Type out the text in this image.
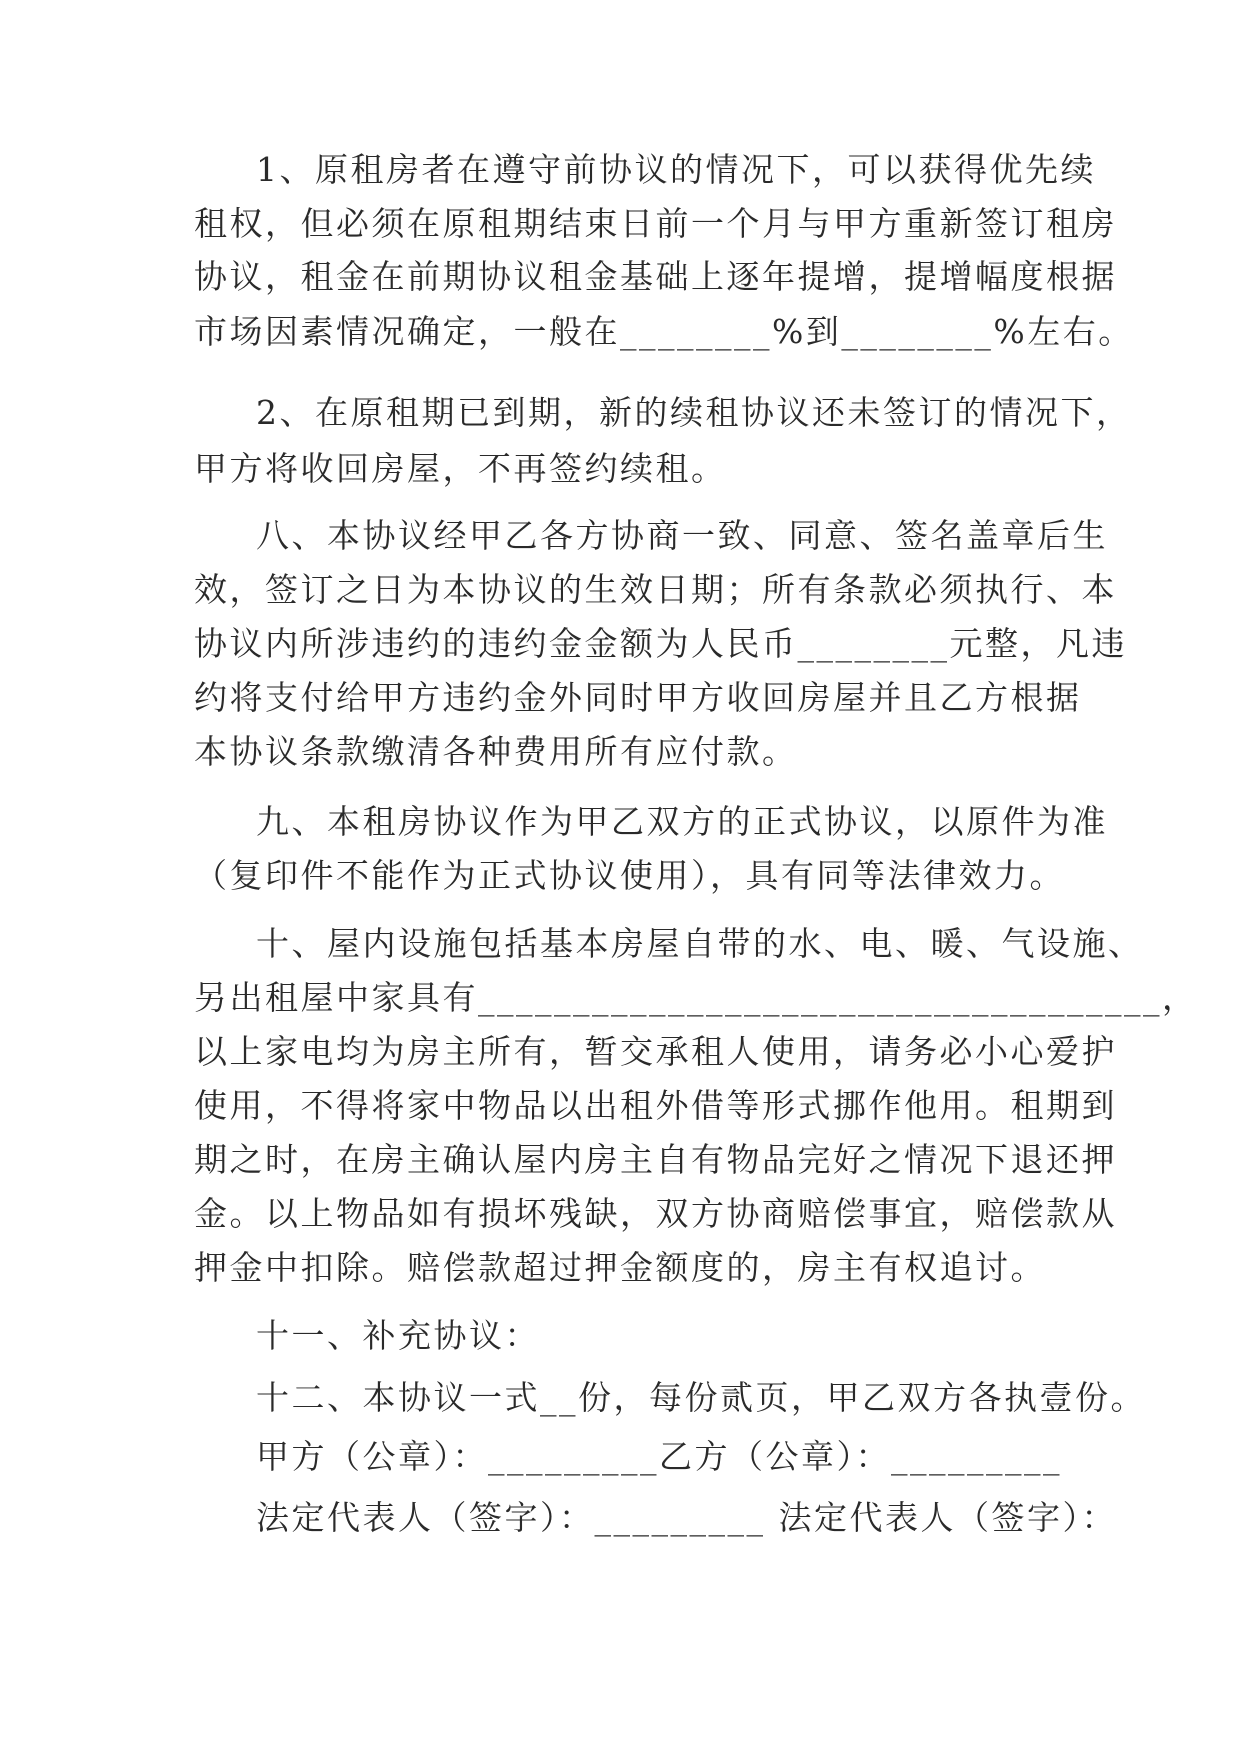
1、原租房者在遵守前协议的情况下，可以获得优先续
租权，但必须在原租期结束日前一个月与甲方重新签订租房
协议，租金在前期协议租金基础上逐年提增，提增幅度根据
市场因素情况确定，一般在________%到________%左右。
2、在原租期已到期，新的续租协议还未签订的情况下，
甲方将收回房屋，不再签约续租。
八、本协议经甲乙各方协商一致、同意、签名盖章后生
效，签订之日为本协议的生效日期；所有条款必须执行、本
协议内所涉违约的违约金金额为人民币________元整，凡违
约将支付给甲方违约金外同时甲方收回房屋并且乙方根据
本协议条款缴清各种费用所有应付款。
九、本租房协议作为甲乙双方的正式协议，以原件为准
（复印件不能作为正式协议使用），具有同等法律效力。
十、屋内设施包括基本房屋自带的水、电、暖、气设施、
另出租屋中家具有____________________________________，
以上家电均为房主所有，暂交承租人使用，请务必小心爱护
使用，不得将家中物品以出租外借等形式挪作他用。租期到
期之时，在房主确认屋内房主自有物品完好之情况下退还押
金。以上物品如有损坏残缺，双方协商赔偿事宜，赔偿款从
押金中扣除。赔偿款超过押金额度的，房主有权追讨。
十一、补充协议：
十二、本协议一式__份，每份贰页，甲乙双方各执壹份。
甲方（公章）：_________乙方（公章）：_________
法定代表人（签字）：_________ 法定代表人（签字）：
